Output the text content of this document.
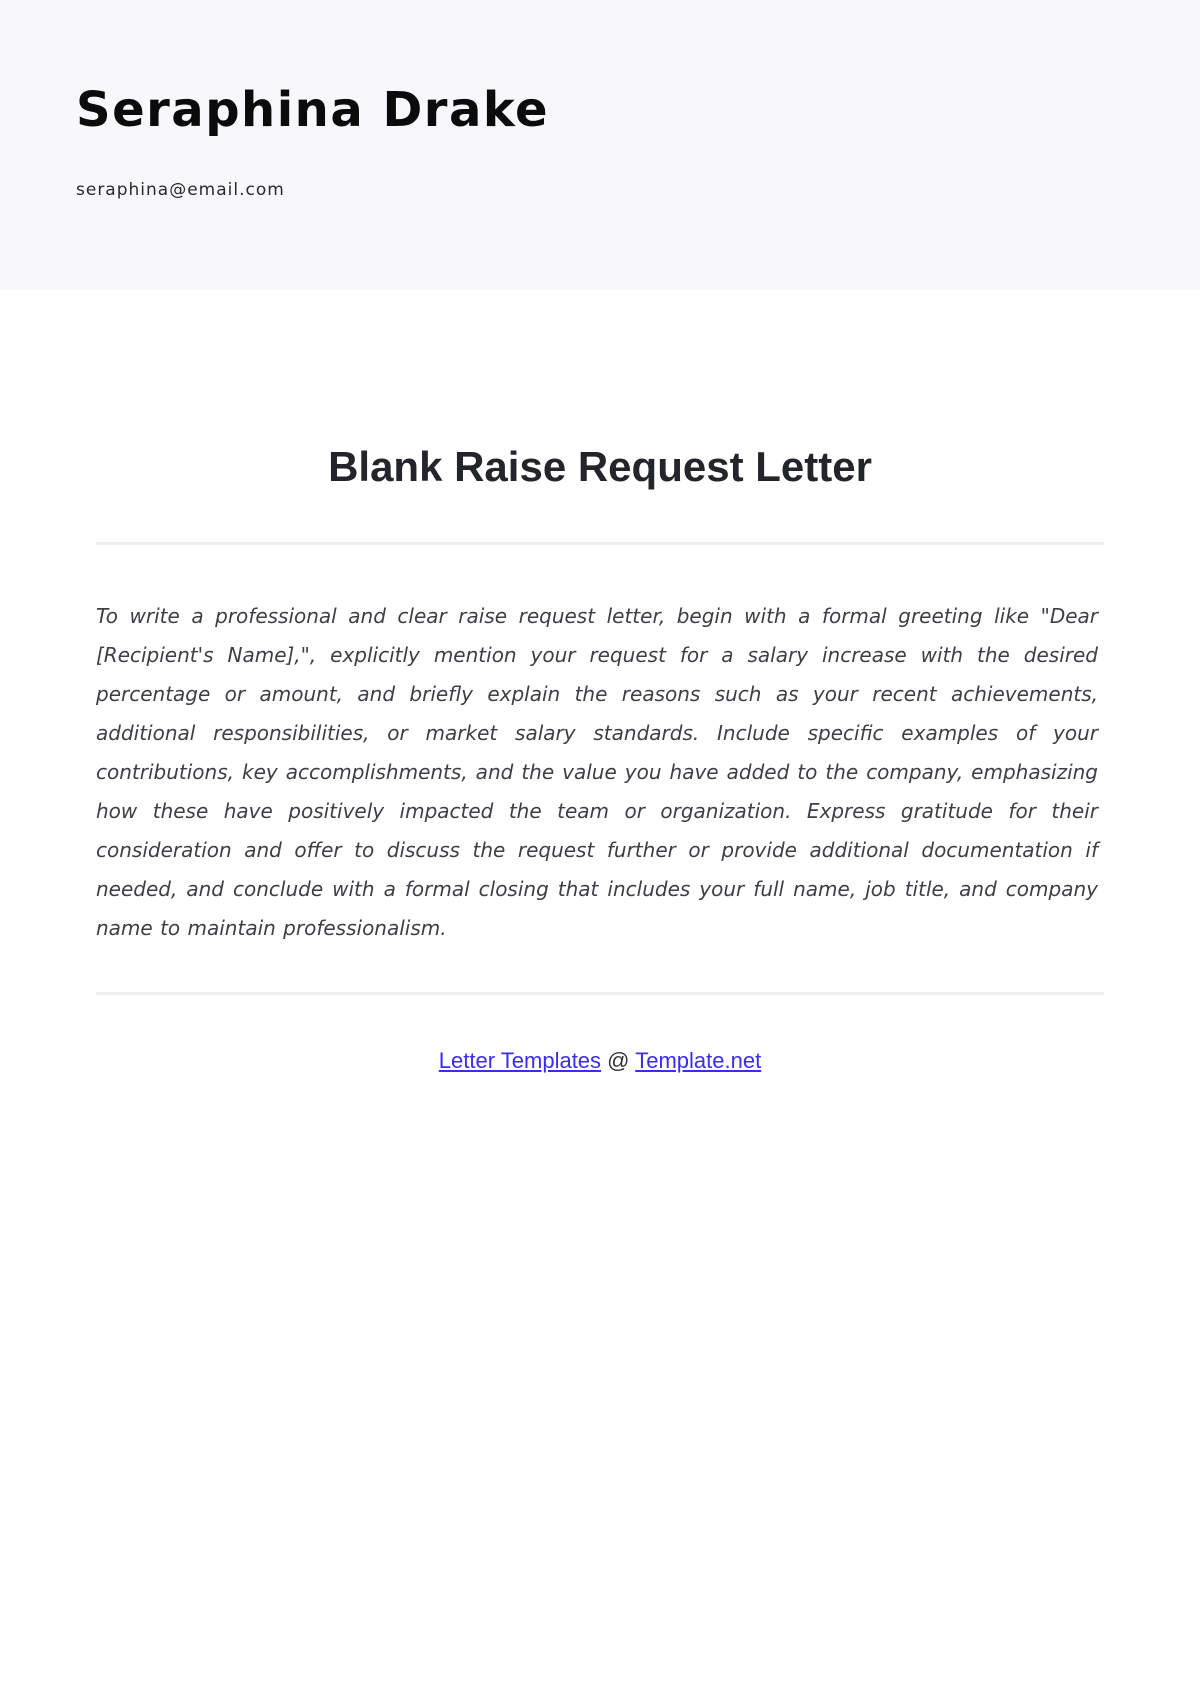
Seraphina Drake
seraphina@email.com
Blank Raise Request Letter

To write a professional and clear raise request letter, begin with a formal greeting like "Dear [Recipient's Name],", explicitly mention your request for a salary increase with the desired percentage or amount, and briefly explain the reasons such as your recent achievements, additional responsibilities, or market salary standards. Include specific examples of your contributions, key accomplishments, and the value you have added to the company, emphasizing how these have positively impacted the team or organization. Express gratitude for their consideration and offer to discuss the request further or provide additional documentation if needed, and conclude with a formal closing that includes your full name, job title, and company name to maintain professionalism.

Letter Templates @ Template.net
